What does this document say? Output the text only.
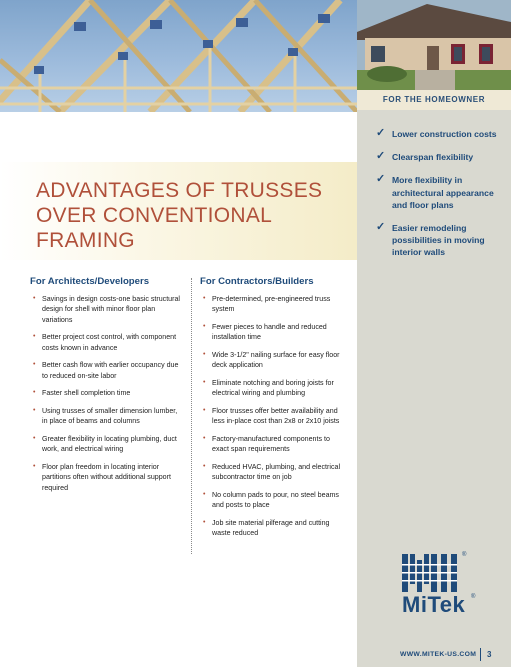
FOR THE HOMEOWNER
✓ Lower construction costs
✓ Clearspan flexibility
✓ More flexibility in architectural appearance and floor plans
✓ Easier remodeling possibilities in moving interior walls
ADVANTAGES OF TRUSSES OVER CONVENTIONAL FRAMING
For Architects/Developers
• Savings in design costs-one basic structural design for shell with minor floor plan variations
• Better project cost control, with component costs known in advance
• Better cash flow with earlier occupancy due to reduced on-site labor
• Faster shell completion time
• Using trusses of smaller dimension lumber, in place of beams and columns
• Greater flexibility in locating plumbing, duct work, and electrical wiring
• Floor plan freedom in locating interior partitions often without additional support required
For Contractors/Builders
• Pre-determined, pre-engineered truss system
• Fewer pieces to handle and reduced installation time
• Wide 3-1/2" nailing surface for easy floor deck application
• Eliminate notching and boring joists for electrical wiring and plumbing
• Floor trusses offer better availability and less in-place cost than 2x8 or 2x10 joists
• Factory-manufactured components to exact span requirements
• Reduced HVAC, plumbing, and electrical subcontractor time on job
• No column pads to pour, no steel beams and posts to place
• Job site material pilferage and cutting waste reduced
®
MiTek ®
WWW.MITEK-US.COM 3
